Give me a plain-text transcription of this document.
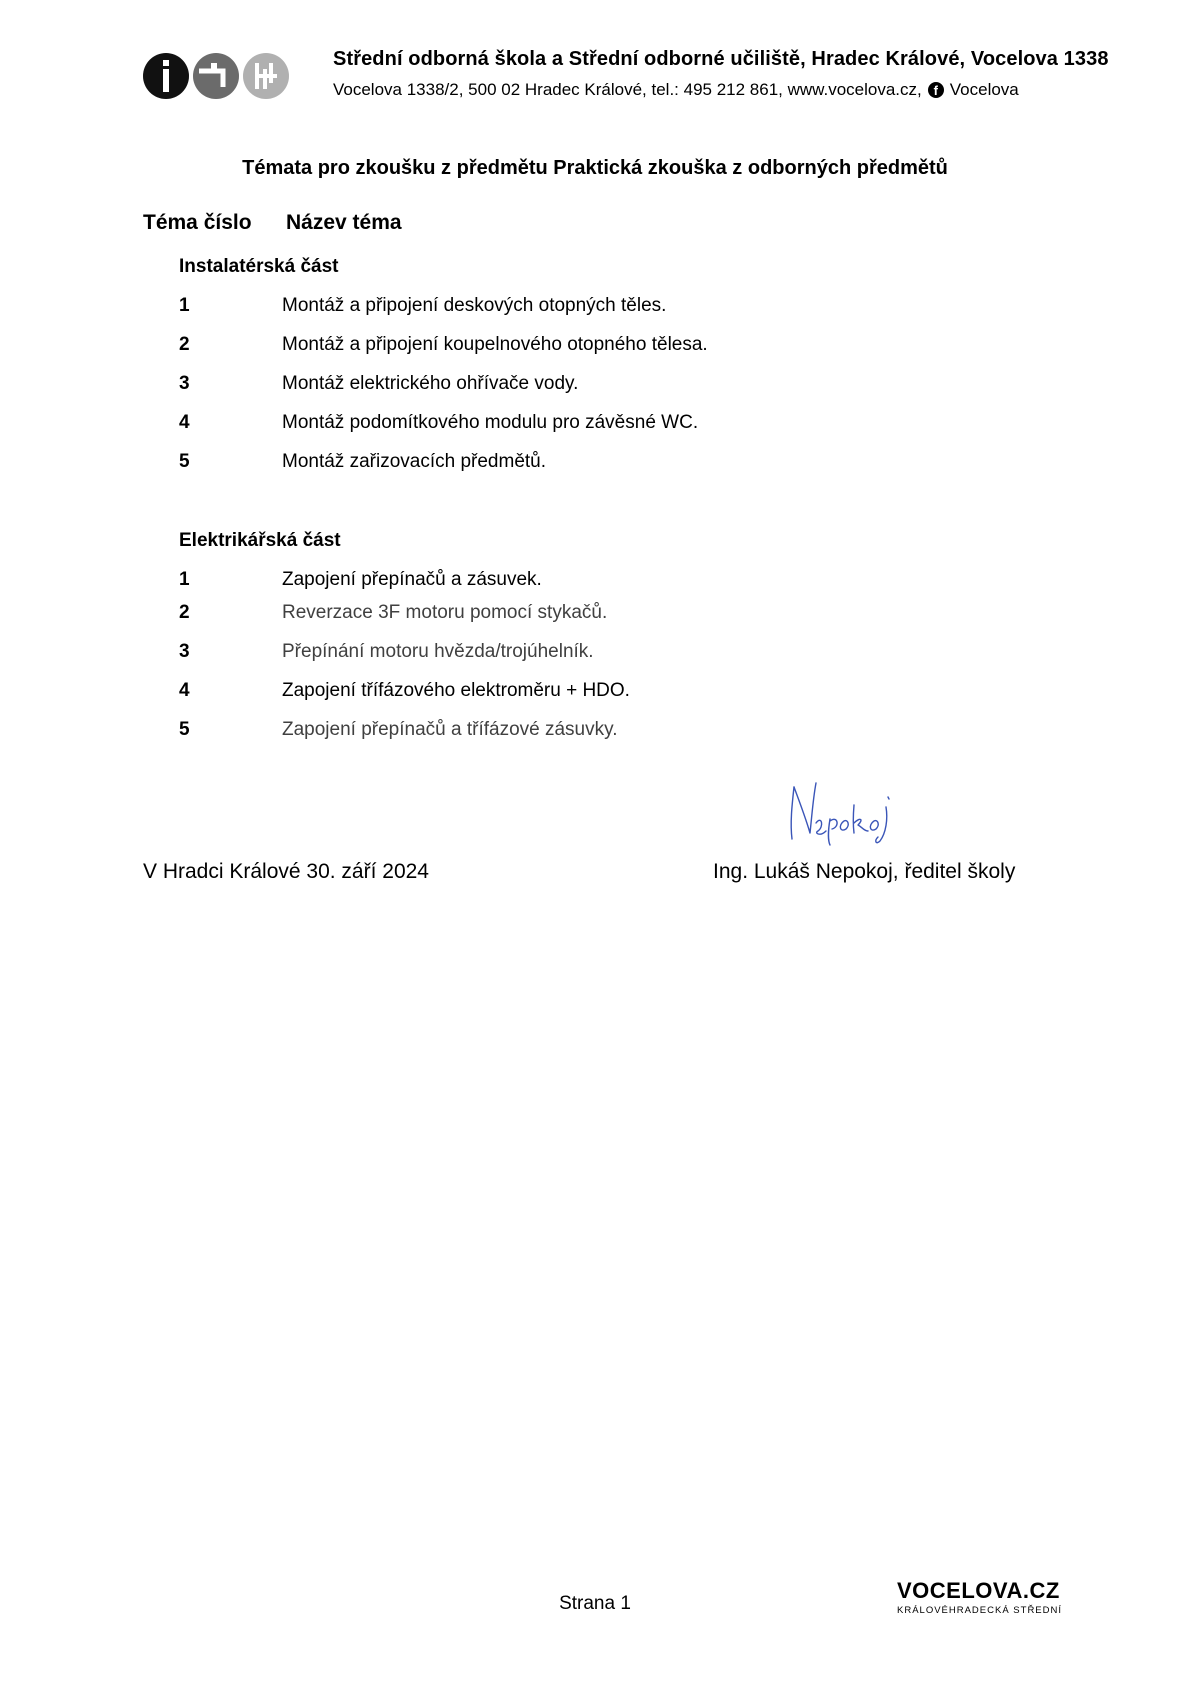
Střední odborná škola a Střední odborné učiliště, Hradec Králové, Vocelova 1338
Vocelova 1338/2, 500 02 Hradec Králové, tel.: 495 212 861, www.vocelova.cz, f Vocelova
Témata pro zkoušku z předmětu Praktická zkouška z odborných předmětů
Téma číslo Název téma
Instalatérská část
1	Montáž a připojení deskových otopných těles.
2	Montáž a připojení koupelnového otopného tělesa.
3	Montáž elektrického ohřívače vody.
4	Montáž podomítkového modulu pro závěsné WC.
5	Montáž zařizovacích předmětů.
Elektrikářská část
1	Zapojení přepínačů a zásuvek.
2	Reverzace 3F motoru pomocí stykačů.
3	Přepínání motoru hvězda/trojúhelník.
4	Zapojení třífázového elektroměru + HDO.
5	Zapojení přepínačů a třífázové zásuvky.
V Hradci Králové 30. září 2024	Ing. Lukáš Nepokoj, ředitel školy
Strana 1
VOCELOVA.CZ
KRÁLOVÉHRADECKÁ STŘEDNÍ
